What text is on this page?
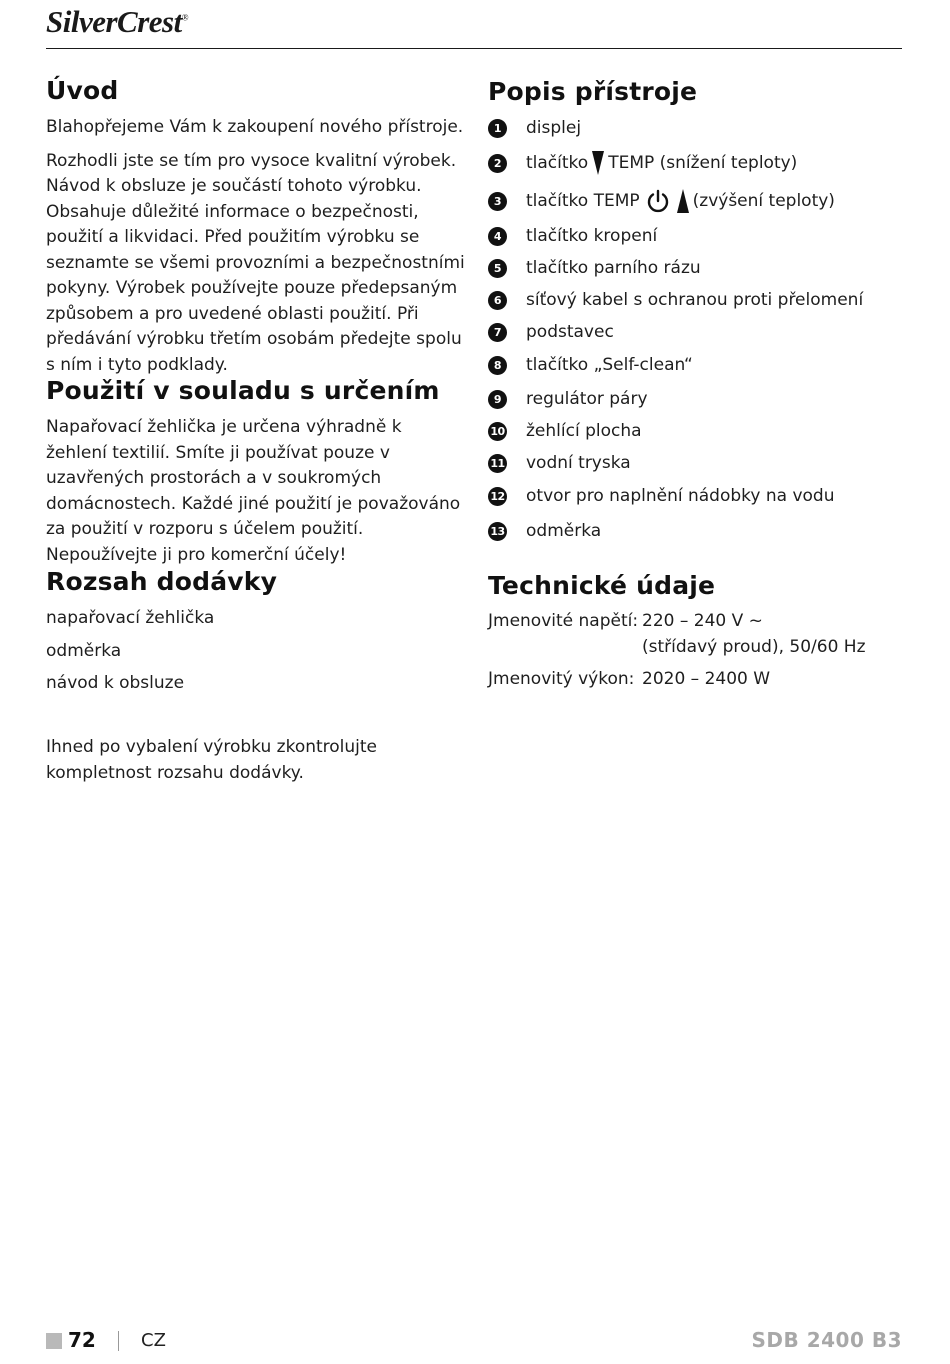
SilverCrest®
Úvod

Blahopřejeme Vám k zakoupení nového přístroje.

Rozhodli jste se tím pro vysoce kvalitní výrobek. Návod k obsluze je součástí tohoto výrobku. Obsahuje důležité informace o bezpečnosti, použití a likvidaci. Před použitím výrobku se seznamte se všemi provozními a bezpečnostními pokyny. Výrobek používejte pouze předepsaným způsobem a pro uvedené oblasti použití. Při předávání výrobku třetím osobám předejte spolu s ním i tyto podklady.

Použití v souladu s určením

Napařovací žehlička je určena výhradně k žehlení textilií. Smíte ji používat pouze v uzavřených prostorách a v soukromých domácnostech. Každé jiné použití je považováno za použití v rozporu s účelem použití. Nepoužívejte ji pro komerční účely!

Rozsah dodávky

napařovací žehlička

odměrka

návod k obsluze

Ihned po vybalení výrobku zkontrolujte kompletnost rozsahu dodávky.

Popis přístroje
1	displej
2	tlačítko TEMP (snížení teploty)
3	tlačítko TEMP	(zvýšení teploty)
4	tlačítko kropení
5	tlačítko parního rázu
6	síťový kabel s ochranou proti přelomení
7	podstavec
8	tlačítko „Self-clean“
9	regulátor páry
10 žehlící plocha
11 vodní tryska
12 otvor pro naplnění nádobky na vodu
13 odměrka
Technické údaje
Jmenovité napětí: 220 – 240 V ~
(střídavý proud), 50/60 Hz
Jmenovitý výkon: 2020 – 2400 W
72	CZ	SDB 2400 B3
